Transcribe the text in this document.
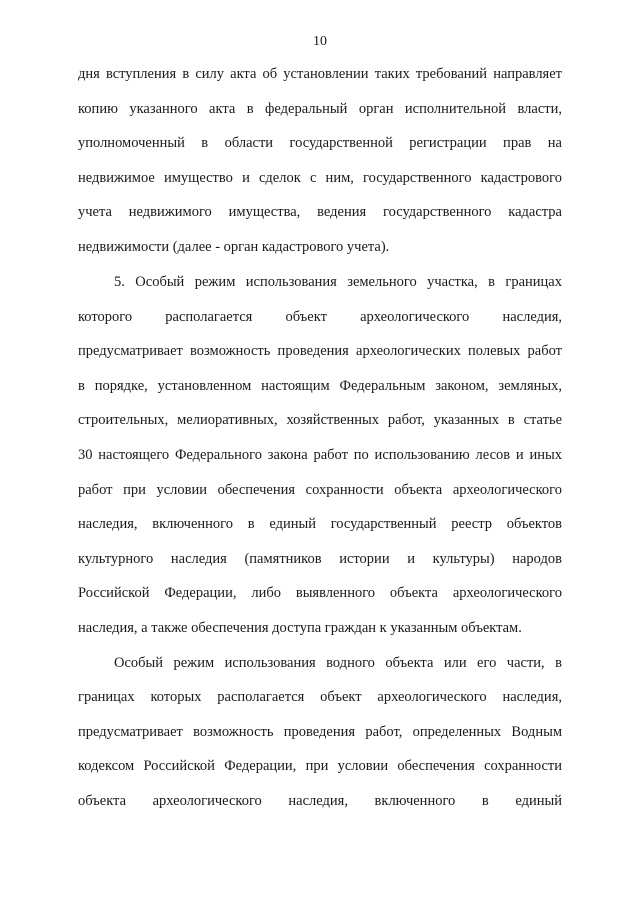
10
дня вступления в силу акта об установлении таких требований направляет
копию указанного акта в федеральный орган исполнительной власти,
уполномоченный в области государственной регистрации прав на
недвижимое имущество и сделок с ним, государственного кадастрового
учета недвижимого имущества, ведения государственного кадастра
недвижимости (далее - орган кадастрового учета).
5. Особый режим использования земельного участка, в границах
которого располагается объект археологического наследия,
предусматривает возможность проведения археологических полевых работ
в порядке, установленном настоящим Федеральным законом, земляных,
строительных, мелиоративных, хозяйственных работ, указанных в статье
30 настоящего Федерального закона работ по использованию лесов и иных
работ при условии обеспечения сохранности объекта археологического
наследия, включенного в единый государственный реестр объектов
культурного наследия (памятников истории и культуры) народов
Российской Федерации, либо выявленного объекта археологического
наследия, а также обеспечения доступа граждан к указанным объектам.
Особый режим использования водного объекта или его части, в
границах которых располагается объект археологического наследия,
предусматривает возможность проведения работ, определенных Водным
кодексом Российской Федерации, при условии обеспечения сохранности
объекта археологического наследия, включенного в единый
